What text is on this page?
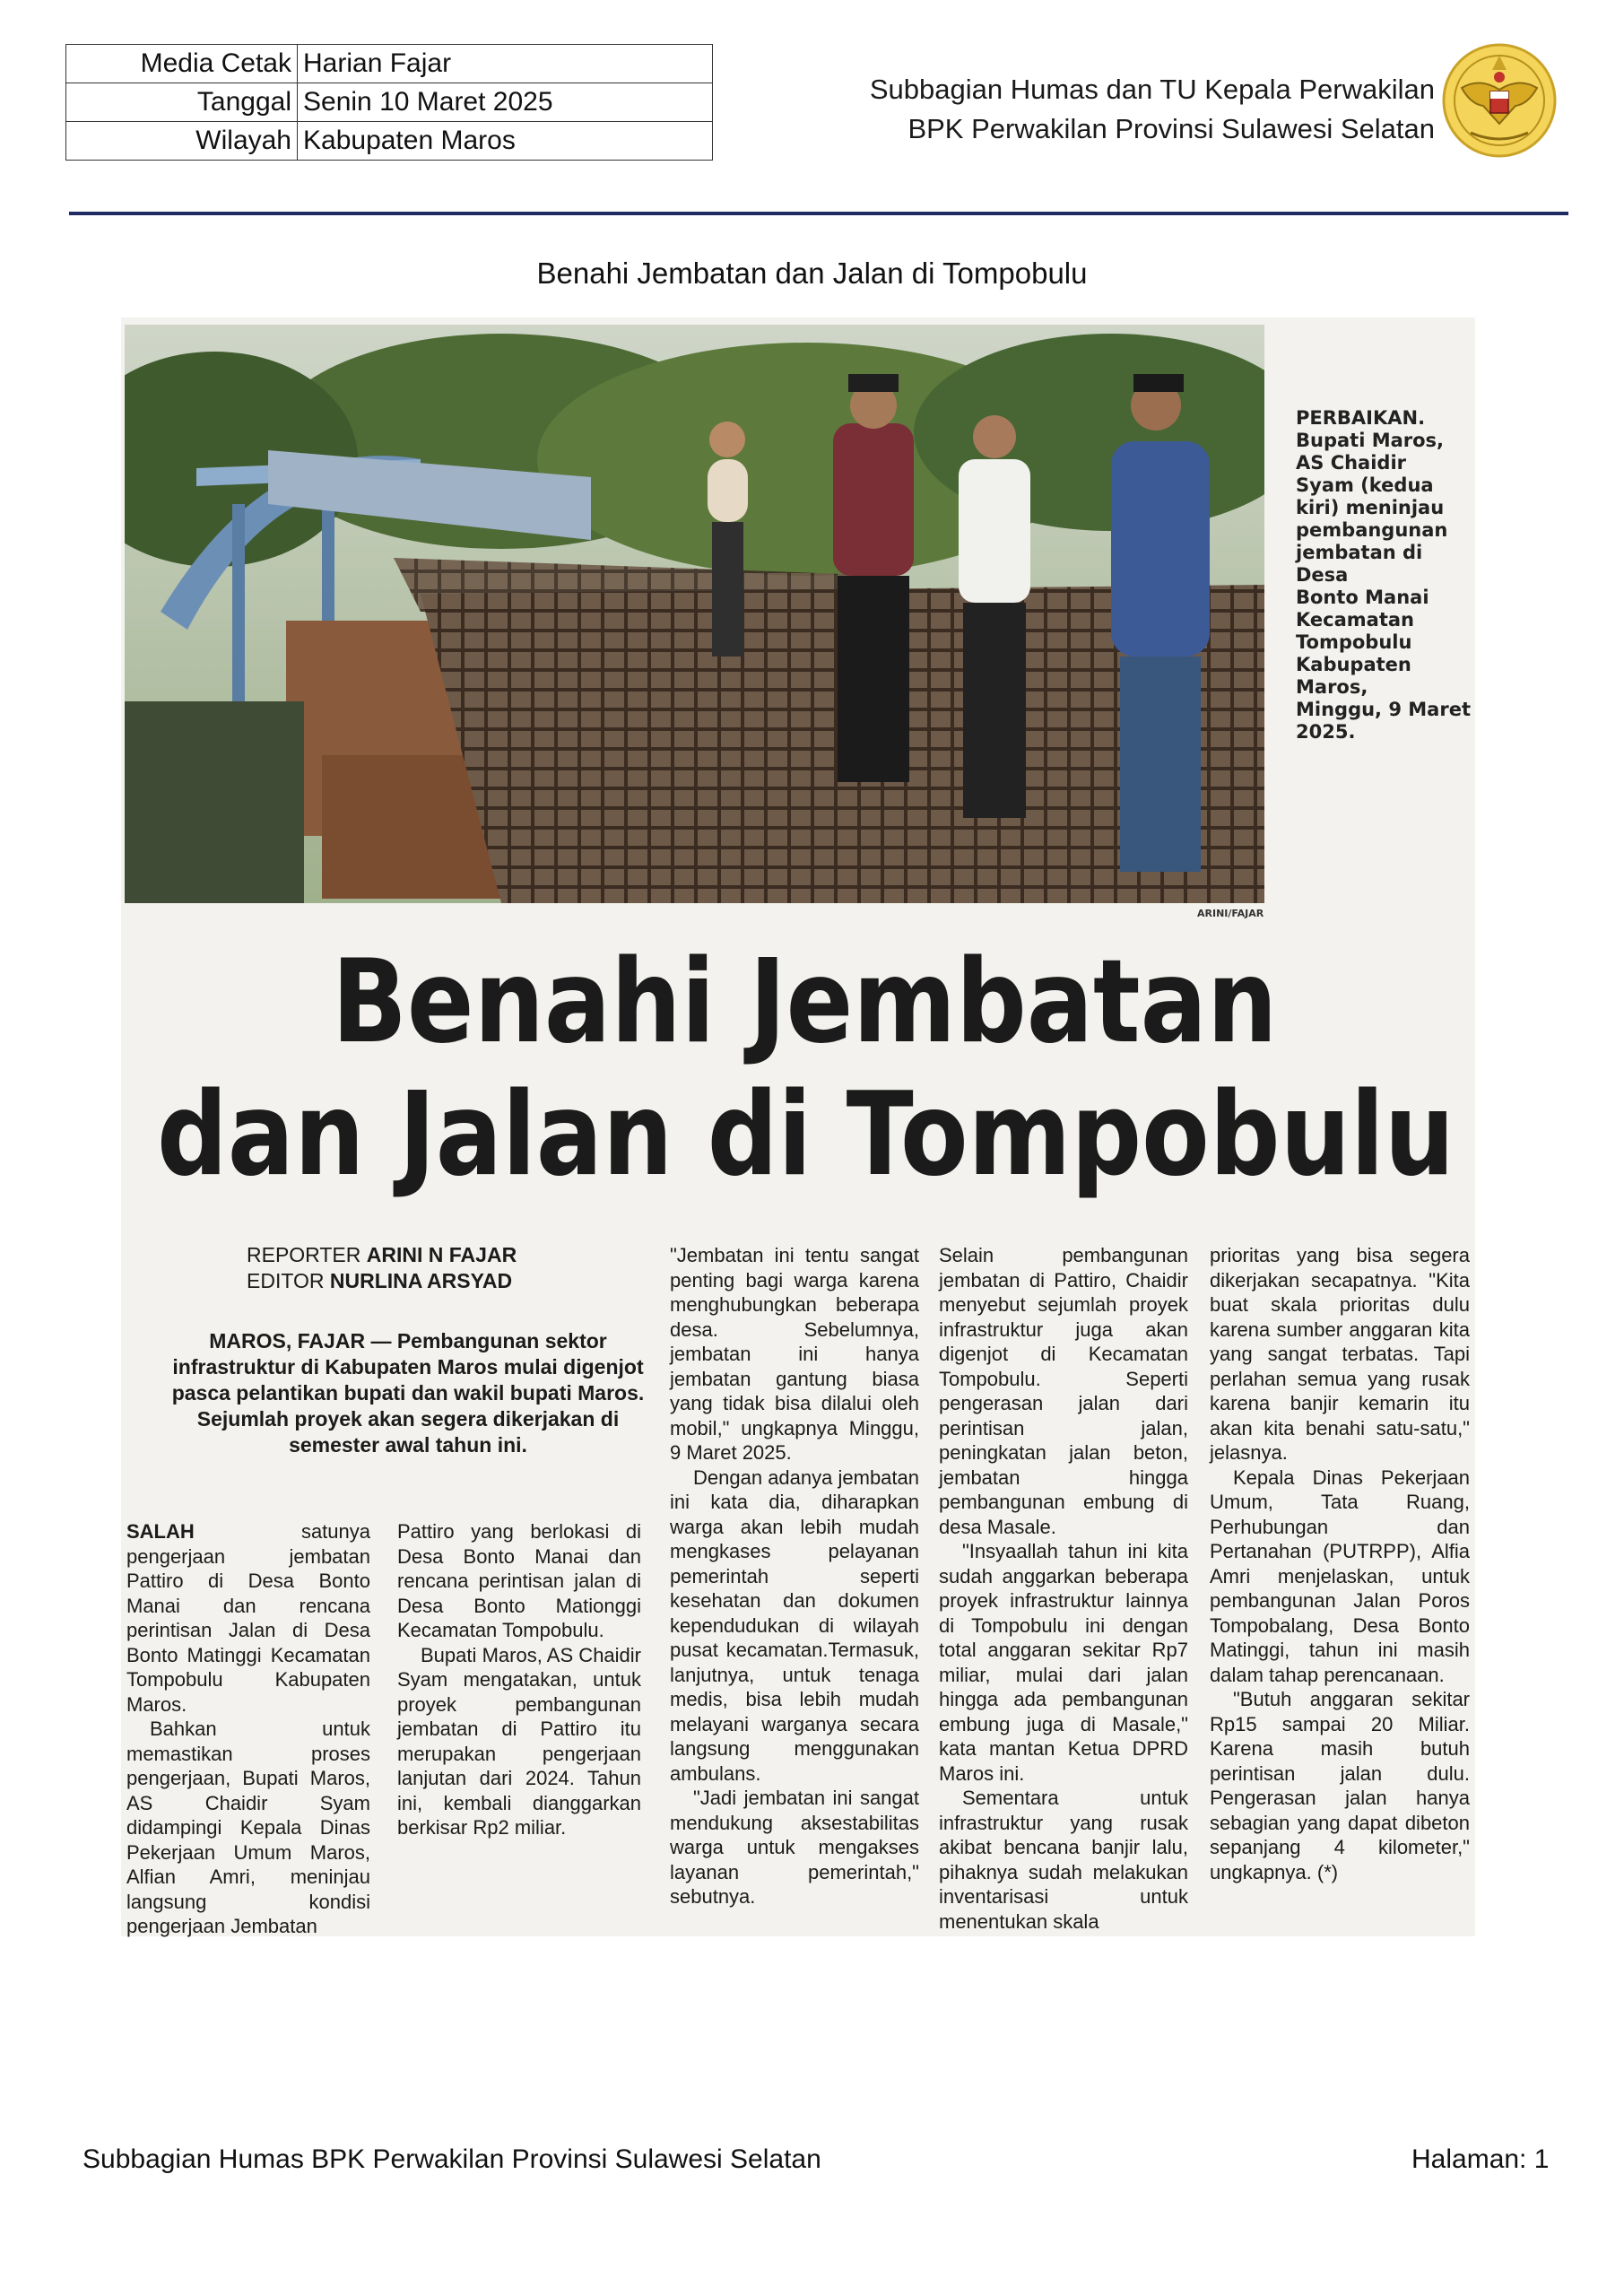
Media Cetak	Harian Fajar
Tanggal	Senin 10 Maret 2025
Wilayah	Kabupaten Maros
Subbagian Humas dan TU Kepala Perwakilan
BPK Perwakilan Provinsi Sulawesi Selatan
Benahi Jembatan dan Jalan di Tompobulu
PERBAIKAN.
Bupati Maros,
AS Chaidir
Syam (kedua
kiri) meninjau
pembangunan
jembatan di Desa
Bonto Manai
Kecamatan
Tompobulu
Kabupaten Maros,
Minggu, 9 Maret
2025.
ARINI/FAJAR
Benahi Jembatan
dan Jalan di Tompobulu
REPORTER ARINI N FAJAR
EDITOR NURLINA ARSYAD
MAROS, FAJAR — Pembangunan sektor infrastruktur di Kabupaten Maros mulai digenjot pasca pelantikan bupati dan wakil bupati Maros. Sejumlah proyek akan segera dikerjakan di semester awal tahun ini.

SALAH satunya pengerjaan jembatan Pattiro di Desa Bonto Manai dan rencana perintisan Jalan di Desa Bonto Matinggi Kecamatan Tompobulu Kabupaten Maros.

Bahkan untuk memastikan proses pengerjaan, Bupati Maros, AS Chaidir Syam didampingi Kepala Dinas Pekerjaan Umum Maros, Alfian Amri, meninjau langsung kondisi pengerjaan Jembatan

Pattiro yang berlokasi di Desa Bonto Manai dan rencana perintisan jalan di Desa Bonto Mationggi Kecamatan Tompobulu.

Bupati Maros, AS Chaidir Syam mengatakan, untuk proyek pembangunan jembatan di Pattiro itu merupakan pengerjaan lanjutan dari 2024. Tahun ini, kembali dianggarkan berkisar Rp2 miliar.

"Jembatan ini tentu sangat penting bagi warga karena menghubungkan beberapa desa. Sebelumnya, jembatan ini hanya jembatan gantung biasa yang tidak bisa dilalui oleh mobil," ungkapnya Minggu, 9 Maret 2025.

Dengan adanya jembatan ini kata dia, diharapkan warga akan lebih mudah mengkases pelayanan pemerintah seperti kesehatan dan dokumen kependudukan di wilayah pusat kecamatan.Termasuk, lanjutnya, untuk tenaga medis, bisa lebih mudah melayani warganya secara langsung menggunakan ambulans.

"Jadi jembatan ini sangat mendukung aksestabilitas warga untuk mengakses layanan pemerintah," sebutnya.

Selain pembangunan jembatan di Pattiro, Chaidir menyebut sejumlah proyek infrastruktur juga akan digenjot di Kecamatan Tompobulu. Seperti pengerasan jalan dari perintisan jalan, peningkatan jalan beton, jembatan hingga pembangunan embung di desa Masale.

"Insyaallah tahun ini kita sudah anggarkan beberapa proyek infrastruktur lainnya di Tompobulu ini dengan total anggaran sekitar Rp7 miliar, mulai dari jalan hingga ada pembangunan embung juga di Masale," kata mantan Ketua DPRD Maros ini.

Sementara untuk infrastruktur yang rusak akibat bencana banjir lalu, pihaknya sudah melakukan inventarisasi untuk menentukan skala

prioritas yang bisa segera dikerjakan secapatnya. "Kita buat skala prioritas dulu karena sumber anggaran kita yang sangat terbatas. Tapi perlahan semua yang rusak karena banjir kemarin itu akan kita benahi satu-satu," jelasnya.

Kepala Dinas Pekerjaan Umum, Tata Ruang, Perhubungan dan Pertanahan (PUTRPP), Alfia Amri menjelaskan, untuk pembangunan Jalan Poros Tompobalang, Desa Bonto Matinggi, tahun ini masih dalam tahap perencanaan.

"Butuh anggaran sekitar Rp15 sampai 20 Miliar. Karena masih butuh perintisan jalan dulu. Pengerasan jalan hanya sebagian yang dapat dibeton sepanjang 4 kilometer," ungkapnya. (*)

Subbagian Humas BPK Perwakilan Provinsi Sulawesi Selatan	Halaman: 1
